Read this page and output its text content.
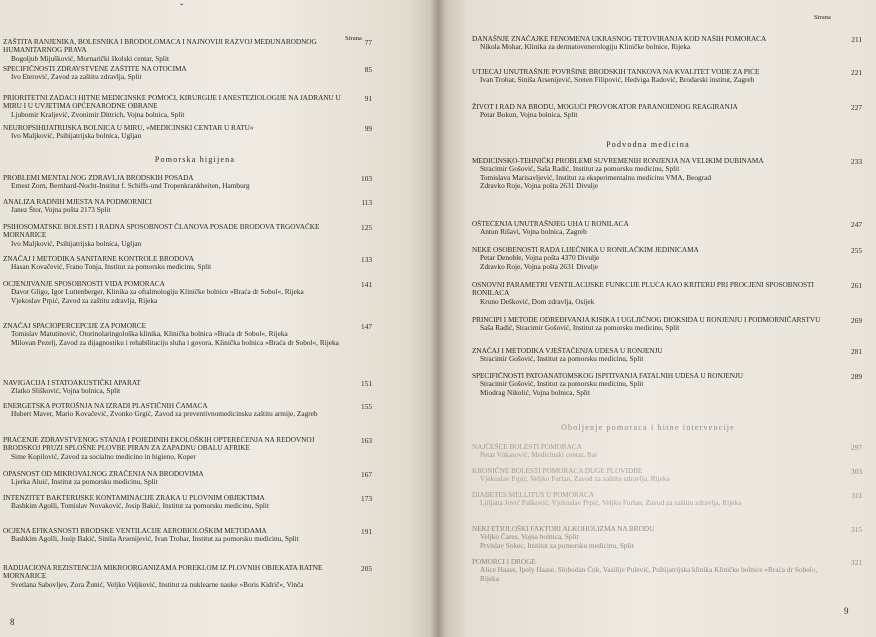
ˇ
Strana
ZAŠTITA RANJENIKA, BOLESNIKA I BRODOLOMACA I NAJNOVIJI RAZVOJ MEĐUNARODNOG HUMANITARNOG PRAVA
Bogoljub Mijušković, Mornarički školski centar, Split
77
SPECIFIČNOSTI ZDRAVSTVENE ZAŠTITE NA OTOCIMA
Ivo Eterović, Zavod za zaštitu zdravlja, Split
85
PRIORITETNI ZADACI HITNE MEDICINSKE POMOĆI, KIRURGIJE I ANESTEZIOLOGIJE NA JADRANU U MIRU I U UVJETIMA OPĆENARODNE OBRANE
Ljubomir Kraljević, Zvonimir Dittrich, Vojna bolnica, Split
91
NEUROPSIHIJATRIJSKA BOLNICA U MIRU, »MEDICINSKI CENTAR U RATU«
Ivo Maljković, Psihijatrijska bolnica, Ugljan
99
Pomorska higijena
PROBLEMI MENTALNOG ZDRAVLJA BRODSKIH POSADA
Ernest Zorn, Bernhard-Nocht-Institut f. Schiffs-und Tropenkrankheiten, Hamburg
103
ANALIZA RADNIH MJESTA NA PODMORNICI
Janez Štor, Vojna pošta 2173 Split
113
PSIHOSOMATSKE BOLESTI I RADNA SPOSOBNOST ČLANOVA POSADE BRODOVA TRGOVAČKE MORNARICE
Ivo Maljković, Psihijatrijska bolnica, Ugljan
125
ZNAČAJ I METODIKA SANITARNE KONTROLE BRODOVA
Hasan Kovačević, Frano Tonja, Institut za pomorsku medicinu, Split
133
OCJENJIVANJE SPOSOBNOSTI VIDA POMORACA
Davor Gligo, Igor Luttenberger, Klinika za oftalmologiju Kliničke bolnice »Braća dr Sobol«, Rijeka
Vjekoslav Prpić, Zavod za zaštitu zdravlja, Rijeka
141
ZNAČAJ SPACIOPERCEPCIJE ZA POMORCE
Tomislav Matutinović, Otorinolaringološka klinika, Klinička bolnica »Braća dr Sobol«, Rijeka
Milovan Pezelj, Zavod za dijagnostiku i rehabilitaciju sluha i govora, Klinička bolnica »Braća dr Sobol«, Rijeka
147
NAVIGACIJA I STATOAKUSTIČKI APARAT
Zlatko Slišković, Vojna bolnica, Split
151
ENERGETSKA POTROŠNJA NA IZRADI PLASTIČNIH ČAMACA
Hubert Maver, Mario Kovačević, Zvonko Grgić, Zavod za preventivnomedicinsku zaštitu armije, Zagreb
155
PRAĆENJE ZDRAVSTVENOG STANJA I POJEDINIH EKOLOŠKIH OPTEREĆENJA NA REDOVNOJ BRODSKOJ PRUZI SPLOŠNE PLOVBE PIRAN ZA ZAPADNU OBALU AFRIKE
Sime Kopilović, Zavod za socialno medicino in higieno, Koper
163
OPASNOST OD MIKROVALNOG ZRAČENJA NA BRODOVIMA
Ljerka Aluić, Institut za pomorsku medicinu, Split
167
INTENZITET BAKTERIJSKE KONTAMINACIJE ZRAKA U PLOVNIM OBJEKTIMA
Bashkim Agolli, Tomislav Novaković, Josip Bakić, Institut za pomorsku medicinu, Split
173
OCJENA EFIKASNOSTI BRODSKE VENTILACIJE AEROBIOLOŠKIM METODAMA
Bashkim Agolli, Josip Bakić, Siniša Arsenijević, Ivan Trohar, Institut za pomorsku medicinu, Split
191
RADIJACIONA REZISTENCIJA MIKROORGANIZAMA POREKLOM IZ PLOVNIH OBJEKATA RATNE MORNARICE
Svetlana Sabovljev, Zora Žunić, Veljko Veljković, Institut za nuklearne nauke »Boris Kidrič«, Vinča
205
8
Strana
DANAŠNJE ZNAČAJKE FENOMENA UKRASNOG TETOVIRANJA KOD NAŠIH POMORACA
Nikola Mohar, Klinika za dermatovenerologiju Kliničke bolnice, Rijeka
211
UTJECAJ UNUTRAŠNJE POVRŠINE BRODSKIH TANKOVA NA KVALITET VODE ZA PIĆE
Ivan Trohar, Siniša Arsenijević, Sreten Filipović, Hedviga Radović, Brodarski institut, Zagreb
221
ŽIVOT I RAD NA BRODU, MOGUĆI PROVOKATOR PARANOIDNOG REAGIRANJA
Petar Bokun, Vojna bolnica, Split
227
Podvodna medicina
MEDICINSKO-TEHNIČKI PROBLEMI SUVREMENIH RONJENJA NA VELIKIM DUBINAMA
Stracimir Gošović, Saša Radić, Institut za pomorsku medicinu, Split
Tomislava Marisavljević, Institut za eksperimentalnu medicinu VMA, Beograd
Zdravko Roje, Vojna pošta 2631 Divulje
233
OŠTEĆENJA UNUTRAŠNJEG UHA U RONILACA
Antun Rišavi, Vojna bolnica, Zagreb
247
NEKE OSOBENOSTI RADA LIJEČNIKA U RONILAČKIM JEDINICAMA
Petar Denoble, Vojna pošta 4370 Divulje
Zdravko Roje, Vojna pošta 2631 Divulje
255
OSNOVNI PARAMETRI VENTILACIJSKE FUNKCIJE PLUĆA KAO KRITERIJ PRI PROCJENI SPOSOBNOSTI RONILACA
Kruno Dešković, Dom zdravlja, Osijek
261
PRINCIPI I METODE ODREĐIVANJA KISIKA I UGLJIČNOG DIOKSIDA U RONJENJU I PODMORNIČARSTVU
Saša Radić, Stracimir Gošović, Institut za pomorsku medicinu, Split
269
ZNAČAJ I METODIKA VJEŠTAČENJA UDESA U RONJENJU
Stracimir Gošović, Institut za pomorsku medicinu, Split
281
SPECIFIČNOSTI PATOANATOMSKOG ISPITIVANJA FATALNIH UDESA U RONJENJU
Stracimir Gošović, Institut za pomorsku medicinu, Split
Miodrag Nikolić, Vojna bolnica, Split
289
Oboljenje pomoraca i hitne intervencije
NAJČEŠĆE BOLESTI POMORACA
Petar Vukasović, Medicinski centar, Bar
297
KRONIČNE BOLESTI POMORACA DUGE PLOVIDBE
Vjekoslav Prpić, Veljko Furlan, Zavod za zaštitu zdravlja, Rijeka
303
DIABETES MELLITUS U POMORACA
Ljiljana Jović Pašković, Vjekoslav Prpić, Veljko Furlan, Zavod za zaštitu zdravlja, Rijeka
311
NEKI ETIOLOŠKI FAKTORI ALKOHOLIZMA NA BRODU
Veljko Čares, Vojna bolnica, Split
Prvislav Sokec, Institut za pomorsku medicinu, Split
315
POMORCI I DROGE
Alice Haase, Ipoly Haase, Slobodan Čuk, Vasilije Pulević, Psihijatrijska klinika Kliničke bolnice »Braća dr Sobol«, Rijeka
321
9
